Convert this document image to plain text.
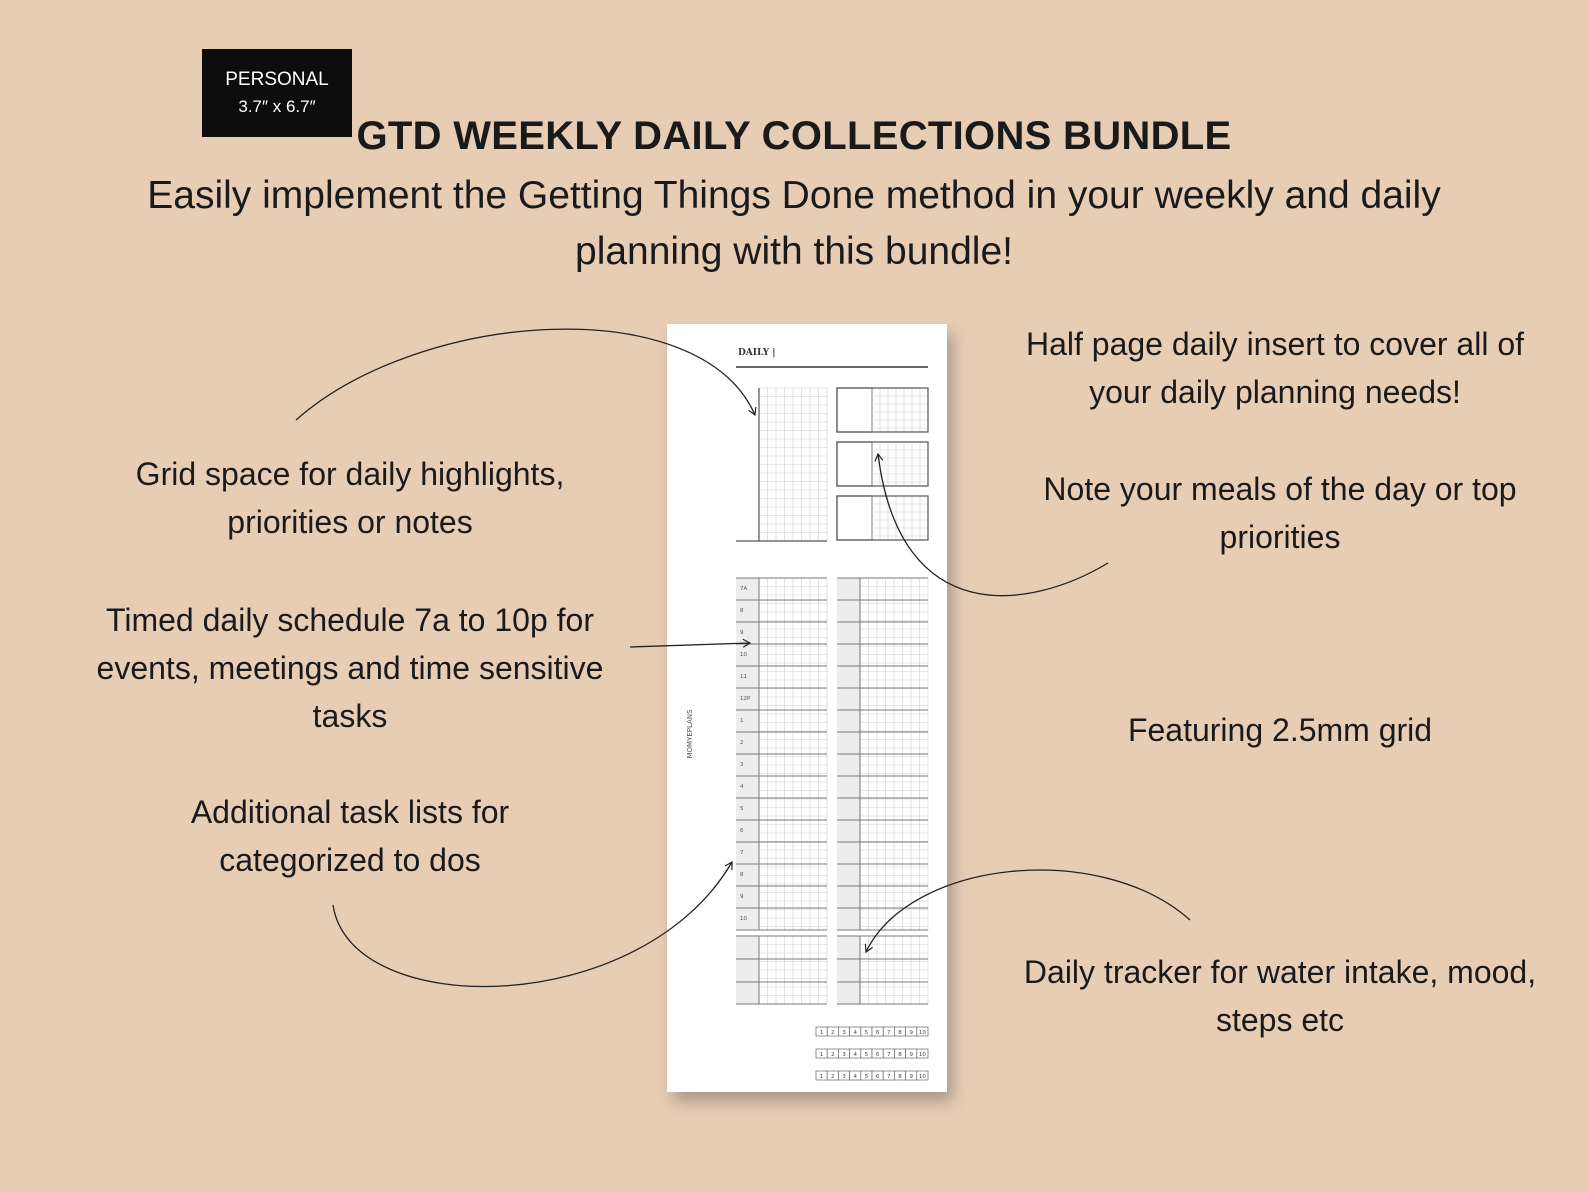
PERSONAL
3.7″ x 6.7″
GTD WEEKLY DAILY COLLECTIONS BUNDLE
Easily implement the Getting Things Done method in your weekly and daily planning with this bundle!
Grid space for daily highlights, priorities or notes
Timed daily schedule 7a to 10p for events, meetings and time sensitive tasks
Additional task lists for categorized to dos
Half page daily insert to cover all of your daily planning needs!
Note your meals of the day or top priorities
Featuring 2.5mm grid
Daily tracker for water intake, mood, steps etc
DAILY |
MOMYEPLANS
7A
8
9
10
11
12P
1
2
3
4
5
6
7
8
9
10
1 2 3 4 5 6 7 8 9 10
1 2 3 4 5 6 7 8 9 10
1 2 3 4 5 6 7 8 9 10
